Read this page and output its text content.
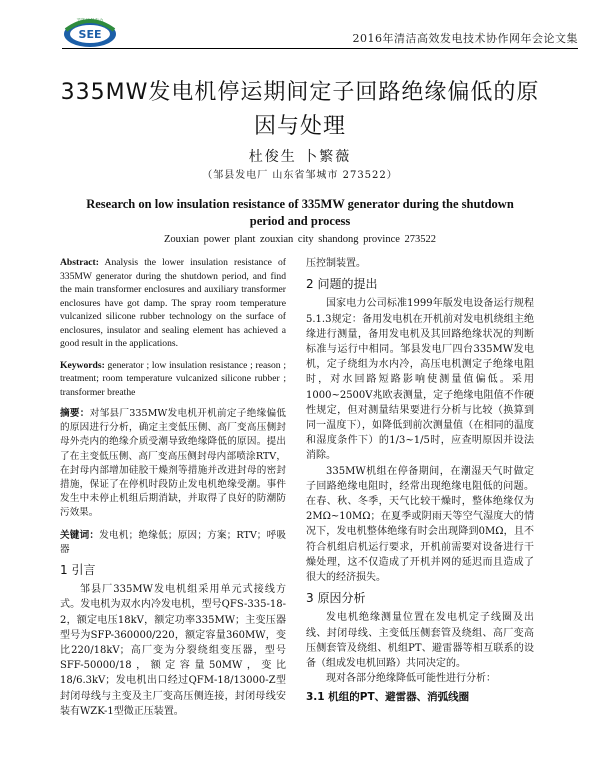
SEE
节能环保电力
2016年清洁高效发电技术协作网年会论文集
335MW发电机停运期间定子回路绝缘偏低的原因与处理
杜俊生 卜繁薇
（邹县发电厂 山东省邹城市 273522）
Research on low insulation resistance of 335MW generator during the shutdown period and process
Zouxian power plant zouxian city shandong province 273522

Abstract: Analysis the lower insulation resistance of 335MW generator during the shutdown period, and find the main transformer enclosures and auxiliary transformer enclosures have got damp. The spray room temperature vulcanized silicone rubber technology on the surface of enclosures, insulator and sealing element has achieved a good result in the applications.

Keywords: generator ; low insulation resistance ; reason ; treatment; room temperature vulcanized silicone rubber ; transformer breathe

摘要：对邹县厂335MW发电机开机前定子绝缘偏低的原因进行分析，确定主变低压侧、高厂变高压侧封母外壳内的绝缘介质受潮导致绝缘降低的原因。提出了在主变低压侧、高厂变高压侧封母内部喷涂RTV，在封母内部增加硅胶干燥剂等措施并改进封母的密封措施，保证了在停机时段防止发电机绝缘受潮。事件发生中未停止机组后期消缺，并取得了良好的防潮防污效果。

关键词：发电机；绝缘低；原因；方案；RTV；呼吸器

1 引言

邹县厂335MW发电机组采用单元式接线方式。发电机为双水内冷发电机，型号QFS-335-18-2，额定电压18kV，额定功率335MW；主变压器型号为SFP-360000/220，额定容量360MW，变比220/18kV；高厂变为分裂绕组变压器，型号SFF-50000/18，额定容量50MW，变比18/6.3kV；发电机出口经过QFM-18/13000-Z型封闭母线与主变及主厂变高压侧连接，封闭母线安装有WZK-1型微正压装置。

压控制装置。

2 问题的提出

国家电力公司标准1999年版发电设备运行规程5.1.3规定：备用发电机在开机前对发电机绕组主绝缘进行测量，备用发电机及其回路绝缘状况的判断标准与运行中相同。邹县发电厂四台335MW发电机，定子绕组为水内冷，高压电机测定子绝缘电阻时，对水回路短路影响使测量值偏低。采用1000~2500V兆欧表测量，定子绝缘电阻值不作硬性规定，但对测量结果要进行分析与比较（换算到同一温度下），如降低到前次测量值（在相同的温度和湿度条件下）的1/3~1/5时，应查明原因并设法消除。

335MW机组在停备期间，在潮湿天气时做定子回路绝缘电阻时，经常出现绝缘电阻低的问题。在春、秋、冬季，天气比较干燥时，整体绝缘仅为2MΩ~10MΩ；在夏季或阴雨天等空气湿度大的情况下，发电机整体绝缘有时会出现降到0MΩ，且不符合机组启机运行要求，开机前需要对设备进行干燥处理，这不仅造成了开机并网的延迟而且造成了很大的经济损失。

3 原因分析

发电机绝缘测量位置在发电机定子线圈及出线、封闭母线、主变低压侧套管及绕组、高厂变高压侧套管及绕组、机组PT、避雷器等相互联系的设备（组成发电机回路）共同决定的。

现对各部分绝缘降低可能性进行分析：

3.1 机组的PT、避雷器、消弧线圈
